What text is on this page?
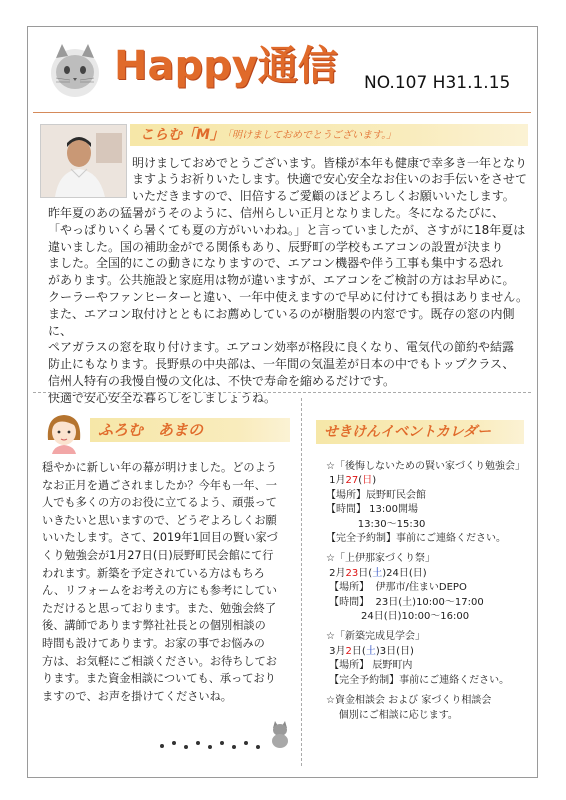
Happy通信 NO.107 H31.1.15
こらむ「M」
「明けましておめでとうございます。」

明けましておめでとうございます。皆様が本年も健康で幸多き一年となり

ますようお祈りいたします。快適で安心安全なお住いのお手伝いをさせて

いただきますので、旧倍するご愛顧のほどよろしくお願いいたします。

昨年夏のあの猛暑がうそのように、信州らしい正月となりました。冬になるたびに、

「やっぱりいくら暑くても夏の方がいいわね。」と言っていましたが、さすがに18年夏は

違いました。国の補助金がでる関係もあり、辰野町の学校もエアコンの設置が決まり

ました。全国的にこの動きになりますので、エアコン機器や伴う工事も集中する恐れ

があります。公共施設と家庭用は物が違いますが、エアコンをご検討の方はお早めに。

クーラーやファンヒーターと違い、一年中使えますので早めに付けても損はありません。

また、エアコン取付けとともにお薦めしているのが樹脂製の内窓です。既存の窓の内側に、

ペアガラスの窓を取り付けます。エアコン効率が格段に良くなり、電気代の節約や結露

防止にもなります。長野県の中央部は、一年間の気温差が日本の中でもトップクラス、

信州人特有の我慢自慢の文化は、不快で寿命を縮めるだけです。

快適で安心安全な暮らしをしましょうね。

ふろむ　あまの

穏やかに新しい年の幕が明けました。どのよう

なお正月を過ごされましたか？今年も一年、一

人でも多くの方のお役に立てるよう、頑張って

いきたいと思いますので、どうぞよろしくお願

いいたします。さて、2019年1回目の賢い家づ

くり勉強会が1月27日(日)辰野町民会館にて行

われます。新築を予定されている方はもちろ

ん、リフォームをお考えの方にも参考にしてい

ただけると思っております。また、勉強会終了

後、講師であります弊社社長との個別相談の

時間も設けてあります。お家の事でお悩みの

方は、お気軽にご相談ください。お待ちしてお

ります。また資金相談についても、承っており

ますので、お声を掛けてくださいね。

せきけんイベントカレダー
☆「後悔しないための賢い家づくり勉強会」
1月27(日)
【場所】辰野町民会館
【時間】 13:00開場
13:30～15:30
【完全予約制】事前にご連絡ください。
☆「上伊那家づくり祭」
2月23日(土)24日(日)
【場所】  伊那市/住まいDEPO
【時間】  23日(土)10:00～17:00
24日(日)10:00～16:00
☆「新築完成見学会」
3月2日(土)3日(日)
【場所】 辰野町内
【完全予約制】事前にご連絡ください。
☆資金相談会 および 家づくり相談会
個別にご相談に応じます。
